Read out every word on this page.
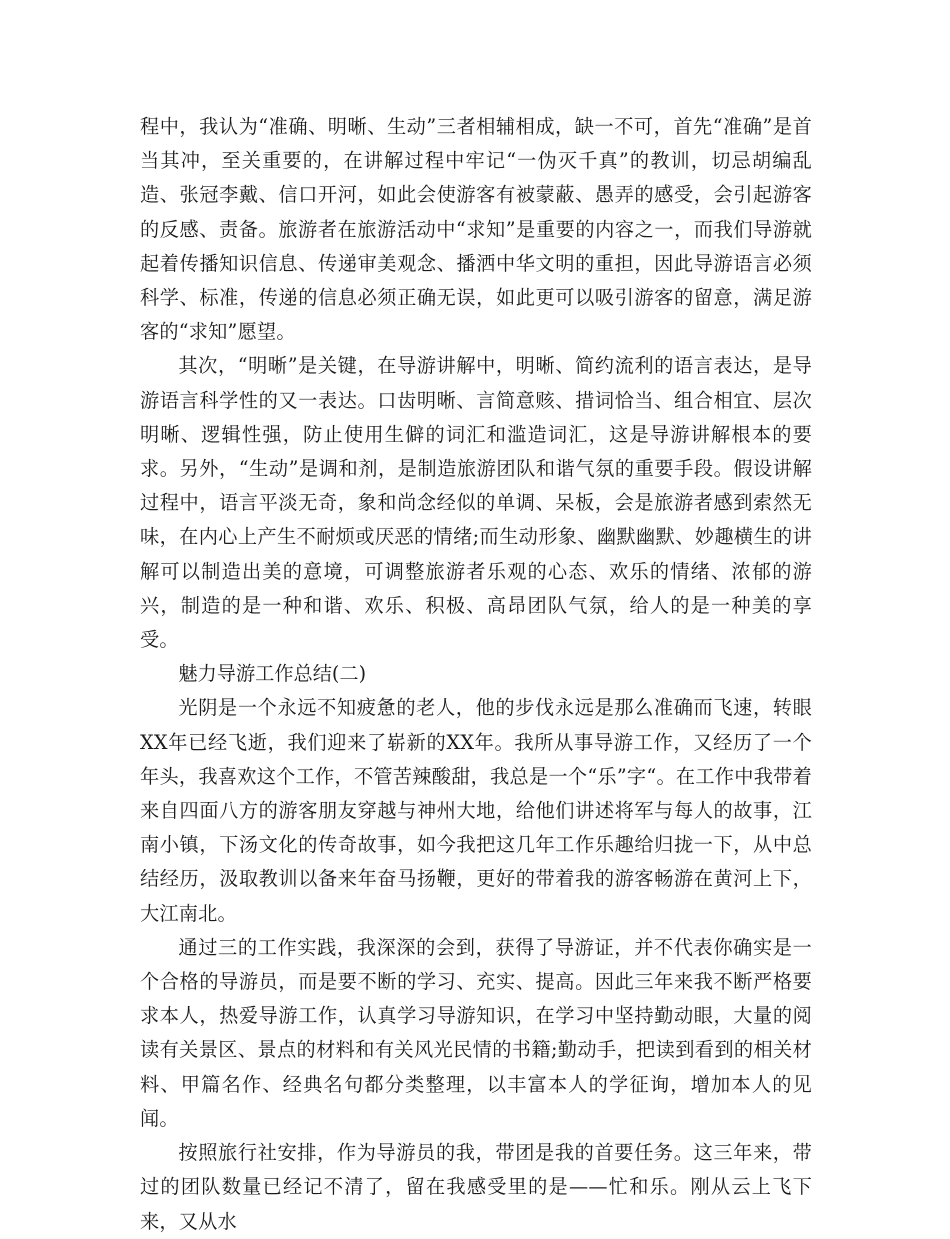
程中，我认为“准确、明晰、生动”三者相辅相成，缺一不可，首先“准确”是首当其冲，至关重要的，在讲解过程中牢记“一伪灭千真”的教训，切忌胡编乱造、张冠李戴、信口开河，如此会使游客有被蒙蔽、愚弄的感受，会引起游客的反感、责备。旅游者在旅游活动中“求知”是重要的内容之一，而我们导游就起着传播知识信息、传递审美观念、播洒中华文明的重担，因此导游语言必须科学、标准，传递的信息必须正确无误，如此更可以吸引游客的留意，满足游客的“求知”愿望。

其次，“明晰”是关键，在导游讲解中，明晰、简约流利的语言表达，是导游语言科学性的又一表达。口齿明晰、言简意赅、措词恰当、组合相宜、层次明晰、逻辑性强，防止使用生僻的词汇和滥造词汇，这是导游讲解根本的要求。另外，“生动”是调和剂，是制造旅游团队和谐气氛的重要手段。假设讲解过程中，语言平淡无奇，象和尚念经似的单调、呆板，会是旅游者感到索然无味，在内心上产生不耐烦或厌恶的情绪;而生动形象、幽默幽默、妙趣横生的讲解可以制造出美的意境，可调整旅游者乐观的心态、欢乐的情绪、浓郁的游兴，制造的是一种和谐、欢乐、积极、高昂团队气氛，给人的是一种美的享受。

魅力导游工作总结(二)

光阴是一个永远不知疲惫的老人，他的步伐永远是那么准确而飞速，转眼XX年已经飞逝，我们迎来了崭新的XX年。我所从事导游工作，又经历了一个年头，我喜欢这个工作，不管苦辣酸甜，我总是一个“乐”字“。在工作中我带着来自四面八方的游客朋友穿越与神州大地，给他们讲述将军与每人的故事，江南小镇，下汤文化的传奇故事，如今我把这几年工作乐趣给归拢一下，从中总结经历，汲取教训以备来年奋马扬鞭，更好的带着我的游客畅游在黄河上下，大江南北。

通过三的工作实践，我深深的会到，获得了导游证，并不代表你确实是一个合格的导游员，而是要不断的学习、充实、提高。因此三年来我不断严格要求本人，热爱导游工作，认真学习导游知识，在学习中坚持勤动眼，大量的阅读有关景区、景点的材料和有关风光民情的书籍;勤动手，把读到看到的相关材料、甲篇名作、经典名句都分类整理，以丰富本人的学征询，增加本人的见闻。

按照旅行社安排，作为导游员的我，带团是我的首要任务。这三年来，带过的团队数量已经记不清了，留在我感受里的是——忙和乐。刚从云上飞下来，又从水
